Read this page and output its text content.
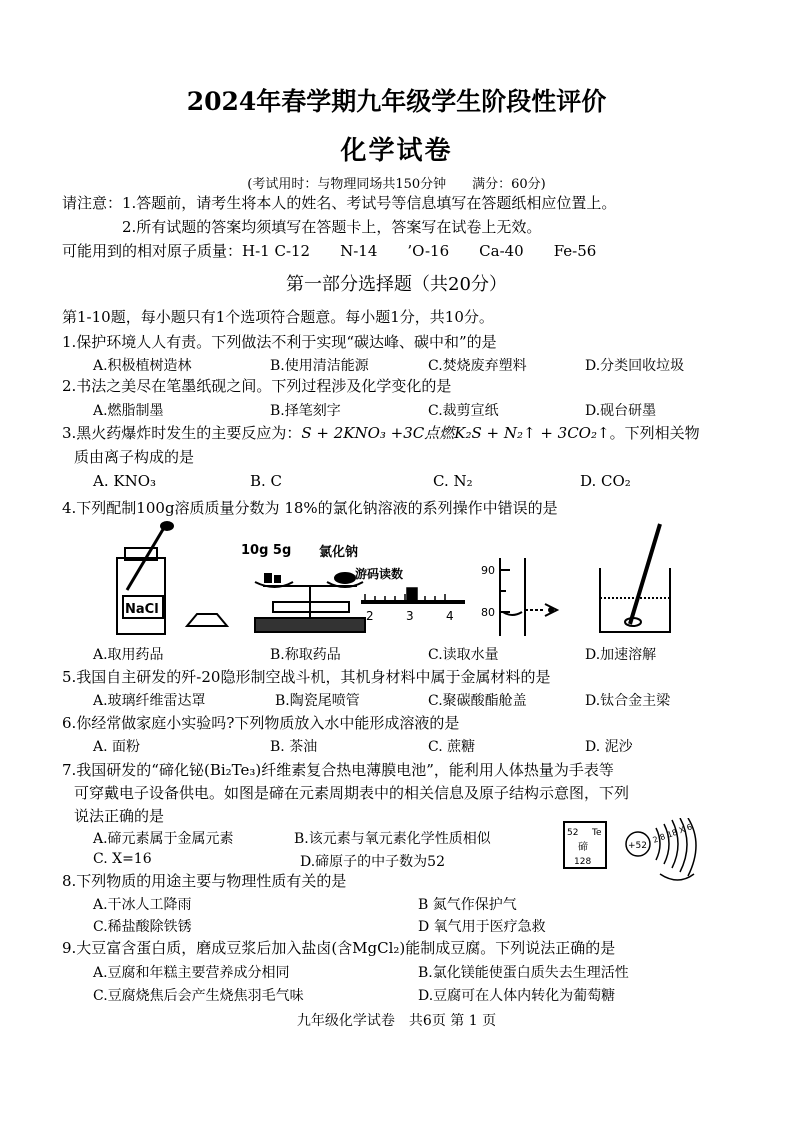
2024年春学期九年级学生阶段性评价
化学试卷
(考试用时：与物理同场共150分钟　　满分：60分)
请注意：1.答题前，请考生将本人的姓名、考试号等信息填写在答题纸相应位置上。
2.所有试题的答案均须填写在答题卡上，答案写在试卷上无效。
可能用到的相对原子质量：H-1 C-12　　N-14　　’O-16　　Ca-40　　Fe-56
第一部分选择题（共20分）
第1-10题，每小题只有1个选项符合题意。每小题1分，共10分。
1.保护环境人人有责。下列做法不利于实现“碳达峰、碳中和”的是
A.积极植树造林	B.使用清洁能源	C.焚烧废弃塑料	D.分类回收垃圾
2.书法之美尽在笔墨纸砚之间。下列过程涉及化学变化的是
A.燃脂制墨	B.择笔刻字	C.裁剪宣纸	D.砚台研墨
3.黑火药爆炸时发生的主要反应为：S + 2KNO₃ +3C点燃K₂S + N₂↑ + 3CO₂↑。下列相关物
质由离子构成的是
A. KNO₃	B. C	C. N₂	D. CO₂
4.下列配制100g溶质质量分数为 18%的氯化钠溶液的系列操作中错误的是
NaCl
10g 5g 氯化钠
游码读数
2	3	4
90
80
A.取用药品	B.称取药品	C.读取水量	D.加速溶解
5.我国自主研发的歼-20隐形制空战斗机，其机身材料中属于金属材料的是
A.玻璃纤维雷达罩	B.陶瓷尾喷管	C.聚碳酸酯舱盖	D.钛合金主梁
6.你经常做家庭小实验吗?下列物质放入水中能形成溶液的是
A. 面粉	B. 茶油	C. 蔗糖	D. 泥沙
7.我国研发的“碲化铋(Bi₂Te₃)纤维素复合热电薄膜电池”，能利用人体热量为手表等
可穿戴电子设备供电。如图是碲在元素周期表中的相关信息及原子结构示意图，下列
说法正确的是
A.碲元素属于金属元素	B.该元素与氧元素化学性质相似
C. X=16	D.碲原子的中子数为52
52 Te
碲
128
+52
2 8 18 X 6
8.下列物质的用途主要与物理性质有关的是
A.干冰人工降雨	B 氮气作保护气
C.稀盐酸除铁锈	D 氧气用于医疗急救
9.大豆富含蛋白质，磨成豆浆后加入盐卤(含MgCl₂)能制成豆腐。下列说法正确的是
A.豆腐和年糕主要营养成分相同	B.氯化镁能使蛋白质失去生理活性
C.豆腐烧焦后会产生烧焦羽毛气味	D.豆腐可在人体内转化为葡萄糖
九年级化学试卷　共6页 第 1 页
